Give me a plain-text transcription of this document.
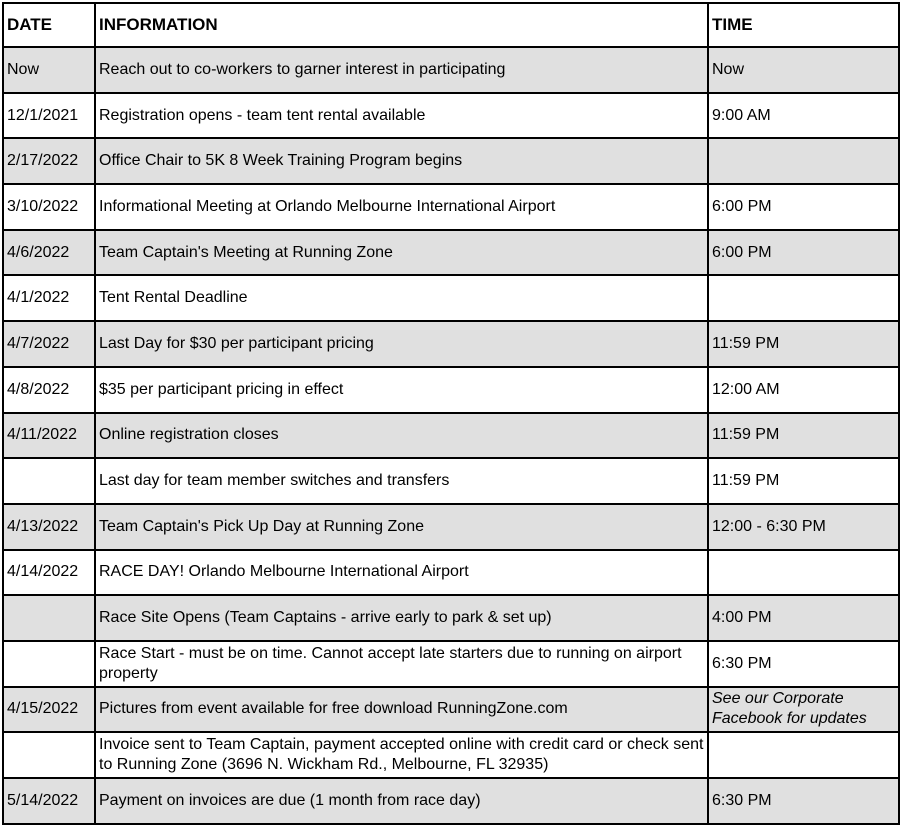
DATE	INFORMATION	TIME
Now	Reach out to co-workers to garner interest in participating	Now
12/1/2021	Registration opens - team tent rental available	9:00 AM
2/17/2022	Office Chair to 5K 8 Week Training Program begins	
3/10/2022	Informational Meeting at Orlando Melbourne International Airport	6:00 PM
4/6/2022	Team Captain's Meeting at Running Zone	6:00 PM
4/1/2022	Tent Rental Deadline	
4/7/2022	Last Day for $30 per participant pricing	11:59 PM
4/8/2022	$35 per participant pricing in effect	12:00 AM
4/11/2022	Online registration closes	11:59 PM
	Last day for team member switches and transfers	11:59 PM
4/13/2022	Team Captain's Pick Up Day at Running Zone	12:00 - 6:30 PM
4/14/2022	RACE DAY! Orlando Melbourne International Airport	
	Race Site Opens (Team Captains - arrive early to park & set up)	4:00 PM
	Race Start - must be on time. Cannot accept late starters due to running on airport property	6:30 PM
4/15/2022	Pictures from event available for free download RunningZone.com	See our Corporate Facebook for updates
	Invoice sent to Team Captain, payment accepted online with credit card or check sent to Running Zone (3696 N. Wickham Rd., Melbourne, FL 32935)	
5/14/2022	Payment on invoices are due (1 month from race day)	6:30 PM
